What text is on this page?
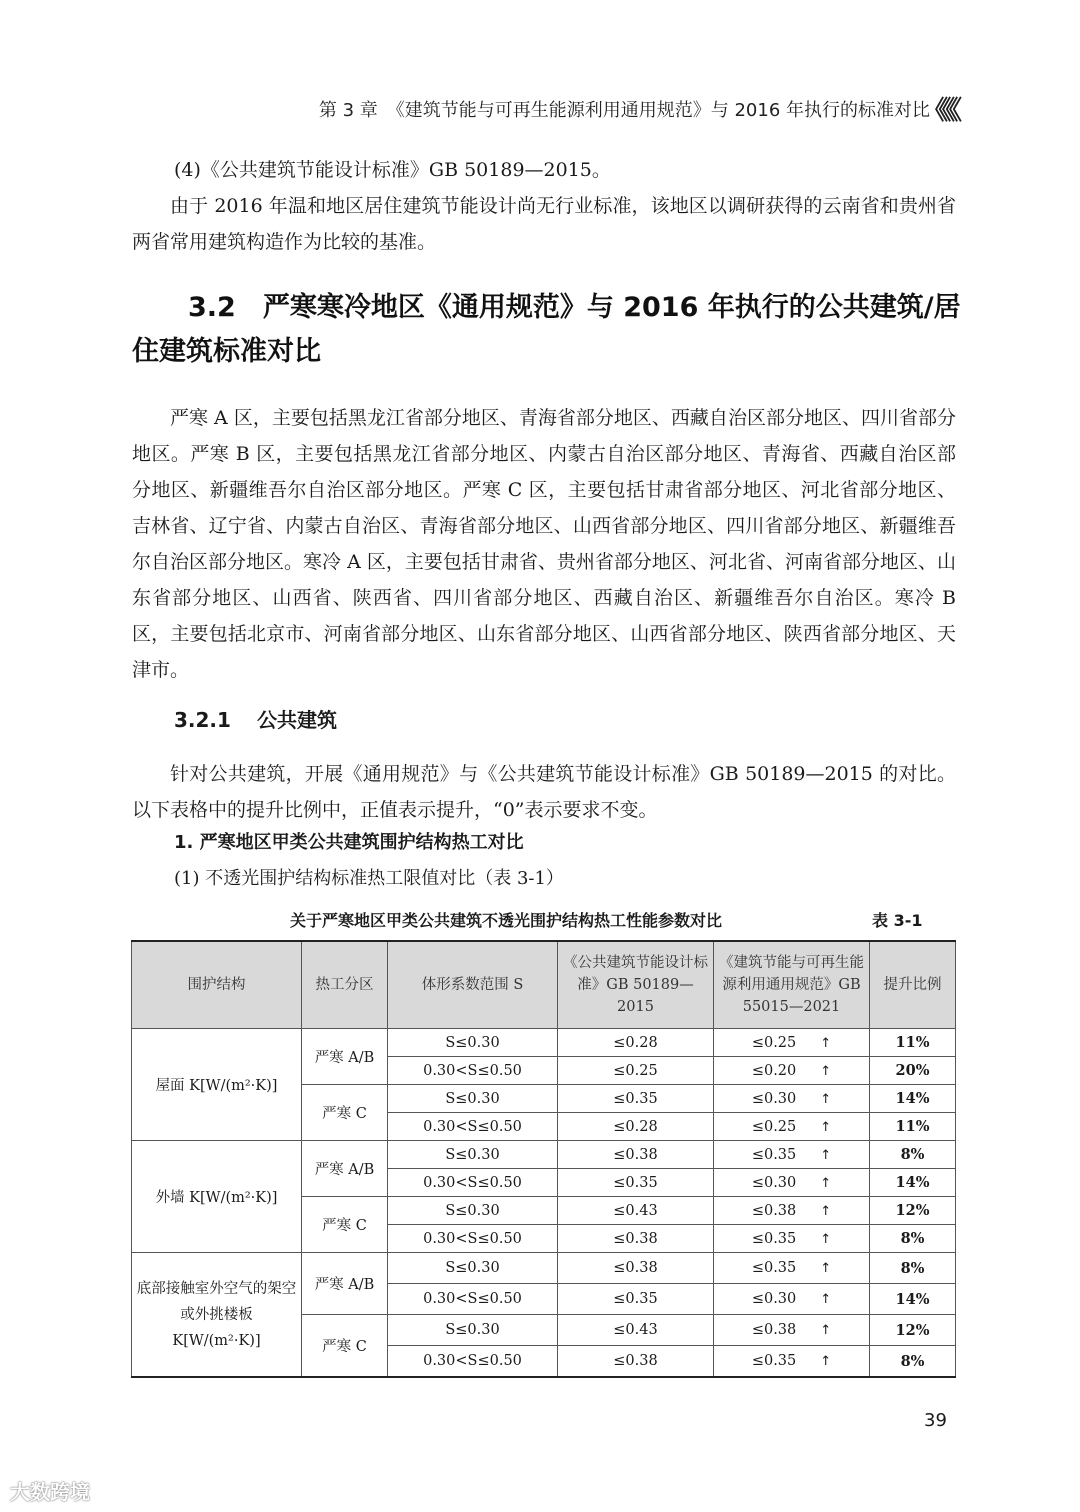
第 3 章　《建筑节能与可再生能源利用通用规范》与 2016 年执行的标准对比
《《《

(4)《公共建筑节能设计标准》GB 50189—2015。

由于 2016 年温和地区居住建筑节能设计尚无行业标准，该地区以调研获得的云南省和贵州省两省常用建筑构造作为比较的基准。

3.2　严寒寒冷地区《通用规范》与 2016 年执行的公共建筑/居住建筑标准对比

严寒 A 区，主要包括黑龙江省部分地区、青海省部分地区、西藏自治区部分地区、四川省部分地区。严寒 B 区，主要包括黑龙江省部分地区、内蒙古自治区部分地区、青海省、西藏自治区部分地区、新疆维吾尔自治区部分地区。严寒 C 区，主要包括甘肃省部分地区、河北省部分地区、吉林省、辽宁省、内蒙古自治区、青海省部分地区、山西省部分地区、四川省部分地区、新疆维吾尔自治区部分地区。寒冷 A 区，主要包括甘肃省、贵州省部分地区、河北省、河南省部分地区、山东省部分地区、山西省、陕西省、四川省部分地区、西藏自治区、新疆维吾尔自治区。寒冷 B 区，主要包括北京市、河南省部分地区、山东省部分地区、山西省部分地区、陕西省部分地区、天津市。

3.2.1 公共建筑

针对公共建筑，开展《通用规范》与《公共建筑节能设计标准》GB 50189—2015 的对比。以下表格中的提升比例中，正值表示提升，“0”表示要求不变。

1. 严寒地区甲类公共建筑围护结构热工对比
(1) 不透光围护结构标准热工限值对比（表 3-1）
关于严寒地区甲类公共建筑不透光围护结构热工性能参数对比	表 3-1
围护结构	热工分区	体形系数范围 S	《公共建筑节能设计标准》GB 50189—2015	《建筑节能与可再生能源利用通用规范》GB 55015—2021	提升比例
屋面 K[W/(m²·K)]	严寒 A/B	S≤0.30	≤0.28	≤0.25 ↑	11%
		0.30<S≤0.50	≤0.25	≤0.20 ↑	20%
	严寒 C	S≤0.30	≤0.35	≤0.30 ↑	14%
		0.30<S≤0.50	≤0.28	≤0.25 ↑	11%
外墙 K[W/(m²·K)]	严寒 A/B	S≤0.30	≤0.38	≤0.35 ↑	8%
		0.30<S≤0.50	≤0.35	≤0.30 ↑	14%
	严寒 C	S≤0.30	≤0.43	≤0.38 ↑	12%
		0.30<S≤0.50	≤0.38	≤0.35 ↑	8%
底部接触室外空气的架空或外挑楼板 K[W/(m²·K)]	严寒 A/B	S≤0.30	≤0.38	≤0.35 ↑	8%
		0.30<S≤0.50	≤0.35	≤0.30 ↑	14%
	严寒 C	S≤0.30	≤0.43	≤0.38 ↑	12%
		0.30<S≤0.50	≤0.38	≤0.35 ↑	8%
39
大数跨境
